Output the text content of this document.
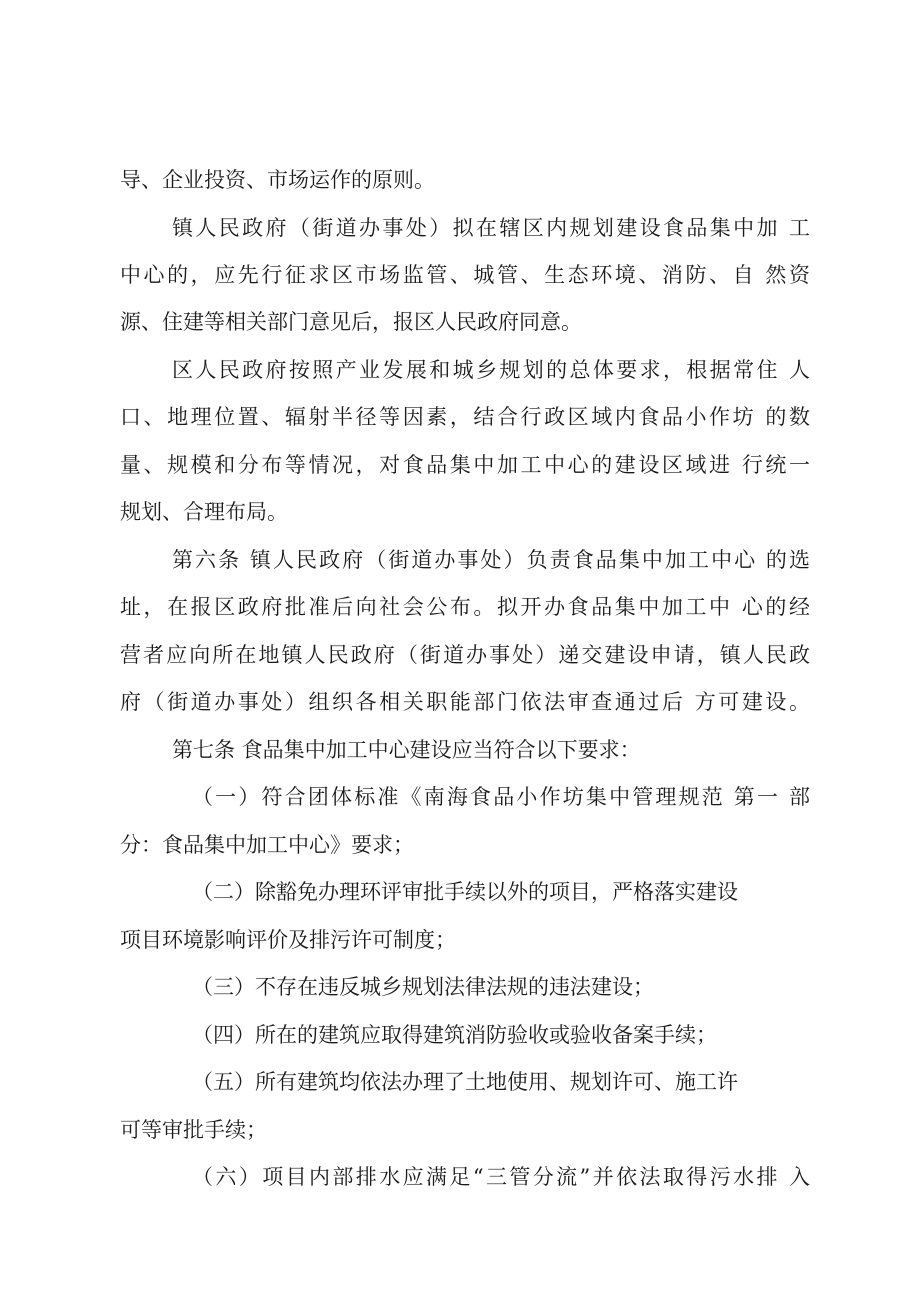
导、企业投资、市场运作的原则。
镇人民政府（街道办事处）拟在辖区内规划建设食品集中加 工
中心的，应先行征求区市场监管、城管、生态环境、消防、自 然资
源、住建等相关部门意见后，报区人民政府同意。
区人民政府按照产业发展和城乡规划的总体要求，根据常住 人
口、地理位置、辐射半径等因素，结合行政区域内食品小作坊 的数
量、规模和分布等情况，对食品集中加工中心的建设区域进 行统一
规划、合理布局。
第六条 镇人民政府（街道办事处）负责食品集中加工中心 的选
址，在报区政府批准后向社会公布。拟开办食品集中加工中 心的经
营者应向所在地镇人民政府（街道办事处）递交建设申请，镇人民政
府（街道办事处）组织各相关职能部门依法审查通过后 方可建设。
第七条 食品集中加工中心建设应当符合以下要求：
（一）符合团体标准《南海食品小作坊集中管理规范 第一 部
分：食品集中加工中心》要求；
（二）除豁免办理环评审批手续以外的项目，严格落实建设
项目环境影响评价及排污许可制度；
（三）不存在违反城乡规划法律法规的违法建设；
（四）所在的建筑应取得建筑消防验收或验收备案手续；
（五）所有建筑均依法办理了土地使用、规划许可、施工许
可等审批手续；
（六）项目内部排水应满足“三管分流”并依法取得污水排 入
